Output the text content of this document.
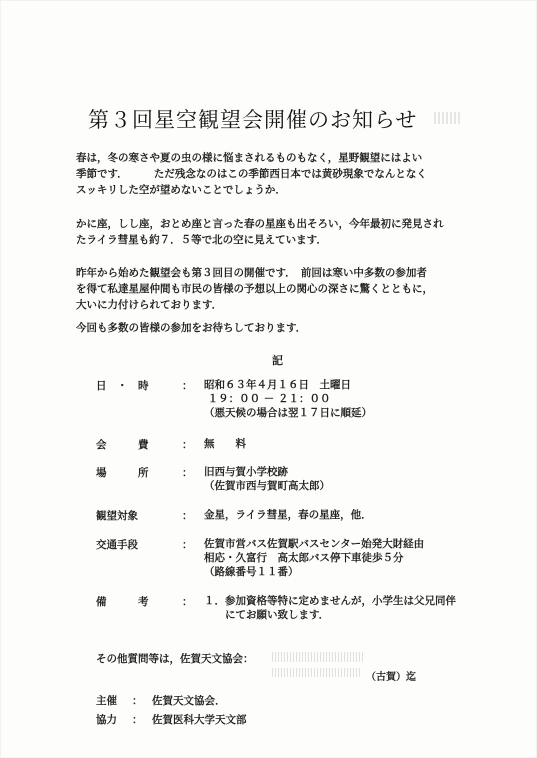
第３回星空観望会開催のお知らせ
春は，冬の寒さや夏の虫の様に悩まされるものもなく，星野観望にはよい
季節です．　　　ただ残念なのはこの季節西日本では黄砂現象でなんとなく
スッキリした空が望めないことでしょうか．
かに座，しし座，おとめ座と言った春の星座も出そろい，今年最初に発見され
たライラ彗星も約７．５等で北の空に見えています．
昨年から始めた観望会も第３回目の開催です．　前回は寒い中多数の参加者
を得て私達星屋仲間も市民の皆様の予想以上の関心の深さに驚くとともに，
大いに力付けられております．
今回も多数の皆様の参加をお待ちしております．
記
日　・　時	： 昭和６３年４月１６日　土曜日
１９：００ － ２１：００
（悪天候の場合は翌１７日に順延）
会　　　費	： 無　　料
場　　　所	： 旧西与賀小学校跡
（佐賀市西与賀町高太郎）
観望対象	： 金星，ライラ彗星，春の星座，他．
交通手段	： 佐賀市営バス佐賀駅バスセンター始発大財経由
相応・久富行　高太郎バス停下車徒歩５分
（路線番号１１番）
備　　　考	： １．参加資格等特に定めませんが，小学生は父兄同伴
　　にてお願い致します．
その他質問等は，佐賀天文協会：
（古賀）迄
主催 ： 佐賀天文協会．
協力 ： 佐賀医科大学天文部
